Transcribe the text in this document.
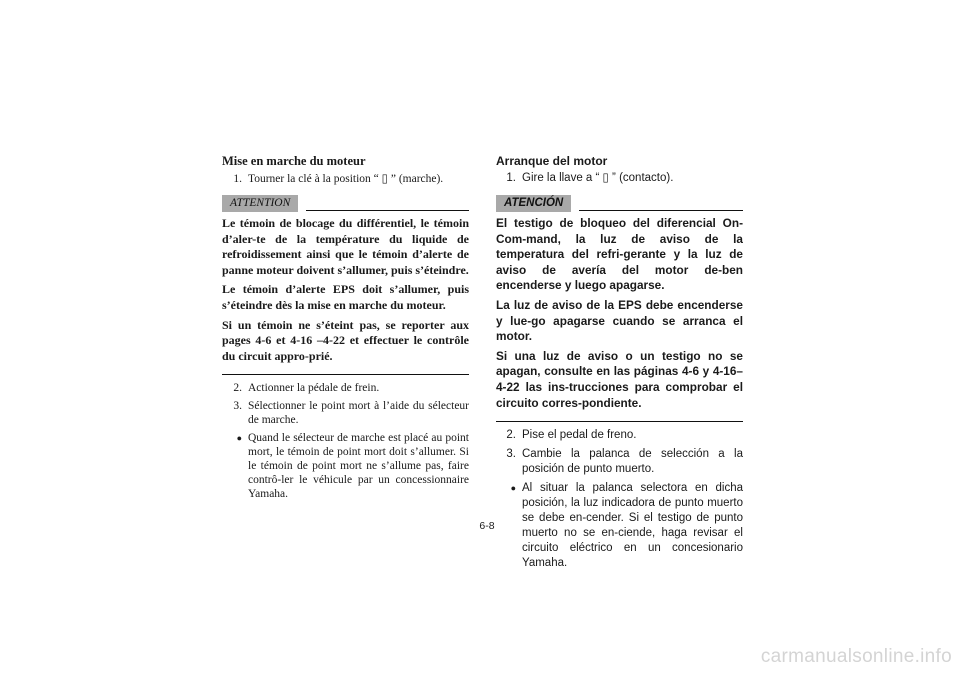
Mise en marche du moteur
1. Tourner la clé à la position “ ▯ ” (marche).
ATTENTION

Le témoin de blocage du différentiel, le témoin d’aler-te de la température du liquide de refroidissement ainsi que le témoin d’alerte de panne moteur doivent s’allumer, puis s’éteindre.

Le témoin d’alerte EPS doit s’allumer, puis s’éteindre dès la mise en marche du moteur.

Si un témoin ne s’éteint pas, se reporter aux pages 4-6 et 4-16 –4-22 et effectuer le contrôle du circuit appro-prié.

2. Actionner la pédale de frein.
3. Sélectionner le point mort à l’aide du sélecteur de marche.
● Quand le sélecteur de marche est placé au point mort, le témoin de point mort doit s’allumer. Si le témoin de point mort ne s’allume pas, faire contrô-ler le véhicule par un concessionnaire Yamaha.
Arranque del motor
1. Gire la llave a “ ▯ ” (contacto).
ATENCIÓN

El testigo de bloqueo del diferencial On-Com-mand, la luz de aviso de la temperatura del refri-gerante y la luz de aviso de avería del motor de-ben encenderse y luego apagarse.

La luz de aviso de la EPS debe encenderse y lue-go apagarse cuando se arranca el motor.

Si una luz de aviso o un testigo no se apagan, consulte en las páginas 4-6 y 4-16–4-22 las ins-trucciones para comprobar el circuito corres-pondiente.

2. Pise el pedal de freno.
3. Cambie la palanca de selección a la posición de punto muerto.
● Al situar la palanca selectora en dicha posición, la luz indicadora de punto muerto se debe en-cender. Si el testigo de punto muerto no se en-ciende, haga revisar el circuito eléctrico en un concesionario Yamaha.
6-8
carmanualsonline.info
